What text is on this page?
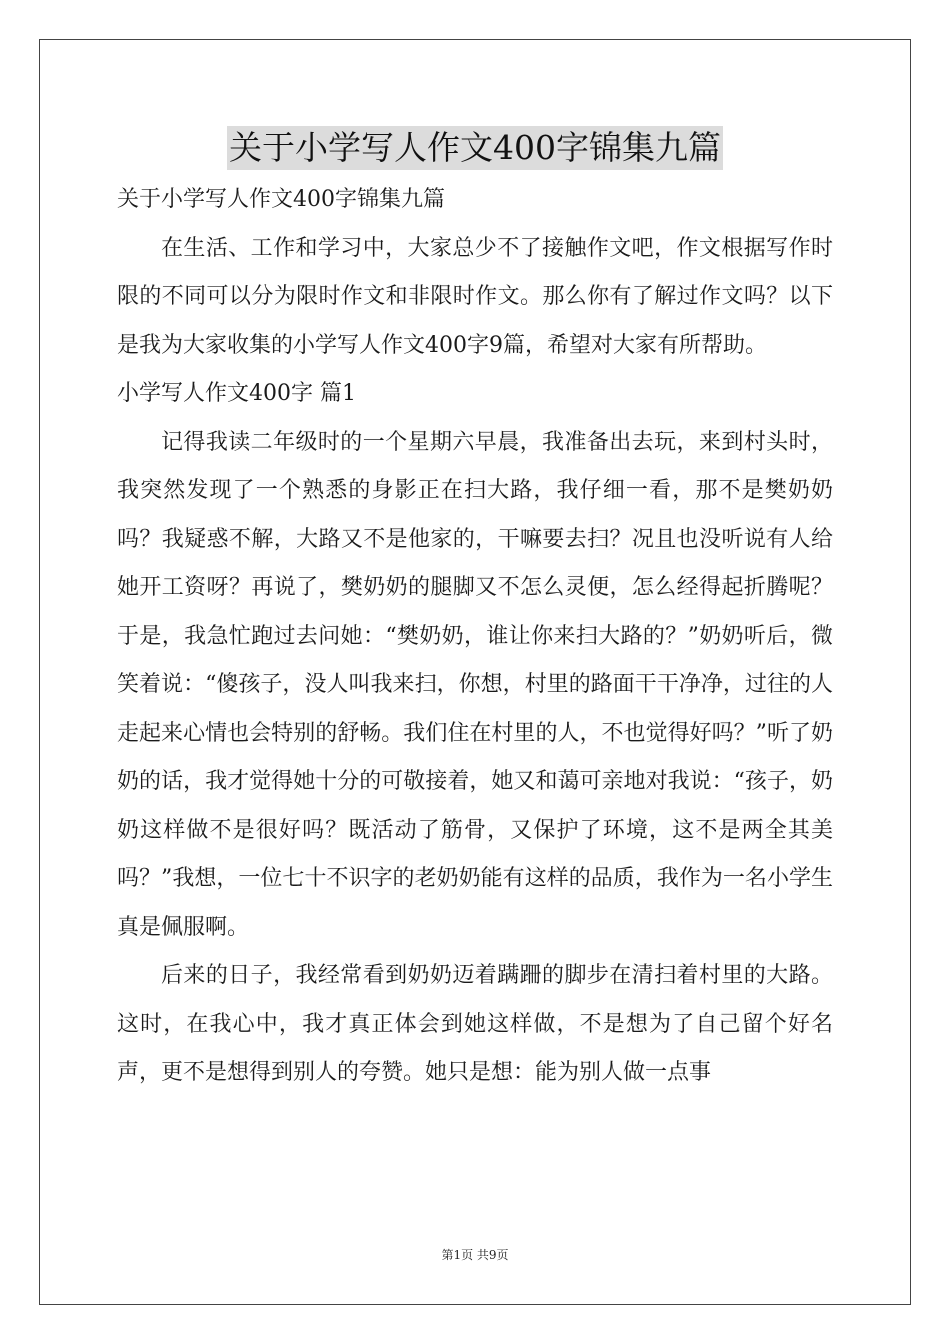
关于小学写人作文400字锦集九篇

关于小学写人作文400字锦集九篇

在生活、工作和学习中，大家总少不了接触作文吧，作文根据写作时限的不同可以分为限时作文和非限时作文。那么你有了解过作文吗？以下是我为大家收集的小学写人作文400字9篇，希望对大家有所帮助。

小学写人作文400字 篇1

记得我读二年级时的一个星期六早晨，我准备出去玩，来到村头时，我突然发现了一个熟悉的身影正在扫大路，我仔细一看，那不是樊奶奶吗？我疑惑不解，大路又不是他家的，干嘛要去扫？况且也没听说有人给她开工资呀？再说了，樊奶奶的腿脚又不怎么灵便，怎么经得起折腾呢？于是，我急忙跑过去问她：“樊奶奶，谁让你来扫大路的？”奶奶听后，微笑着说：“傻孩子，没人叫我来扫，你想，村里的路面干干净净，过往的人走起来心情也会特别的舒畅。我们住在村里的人，不也觉得好吗？”听了奶奶的话，我才觉得她十分的可敬接着，她又和蔼可亲地对我说：“孩子，奶奶这样做不是很好吗？既活动了筋骨，又保护了环境，这不是两全其美吗？”我想，一位七十不识字的老奶奶能有这样的品质，我作为一名小学生真是佩服啊。

后来的日子，我经常看到奶奶迈着蹒跚的脚步在清扫着村里的大路。这时，在我心中，我才真正体会到她这样做，不是想为了自己留个好名声，更不是想得到别人的夸赞。她只是想：能为别人做一点事

第1页 共9页
